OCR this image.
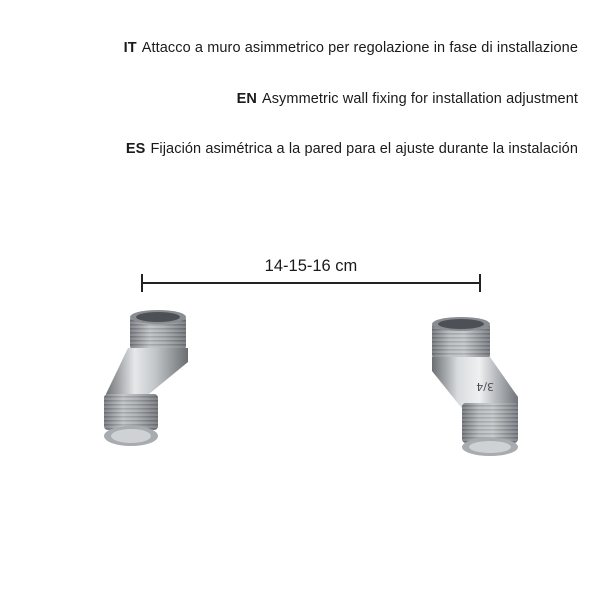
IT Attacco a muro asimmetrico per regolazione in fase di installazione
EN Asymmetric wall fixing for installation adjustment
ES Fijación asimétrica a la pared para el ajuste durante la instalación
14-15-16 cm
3/4
